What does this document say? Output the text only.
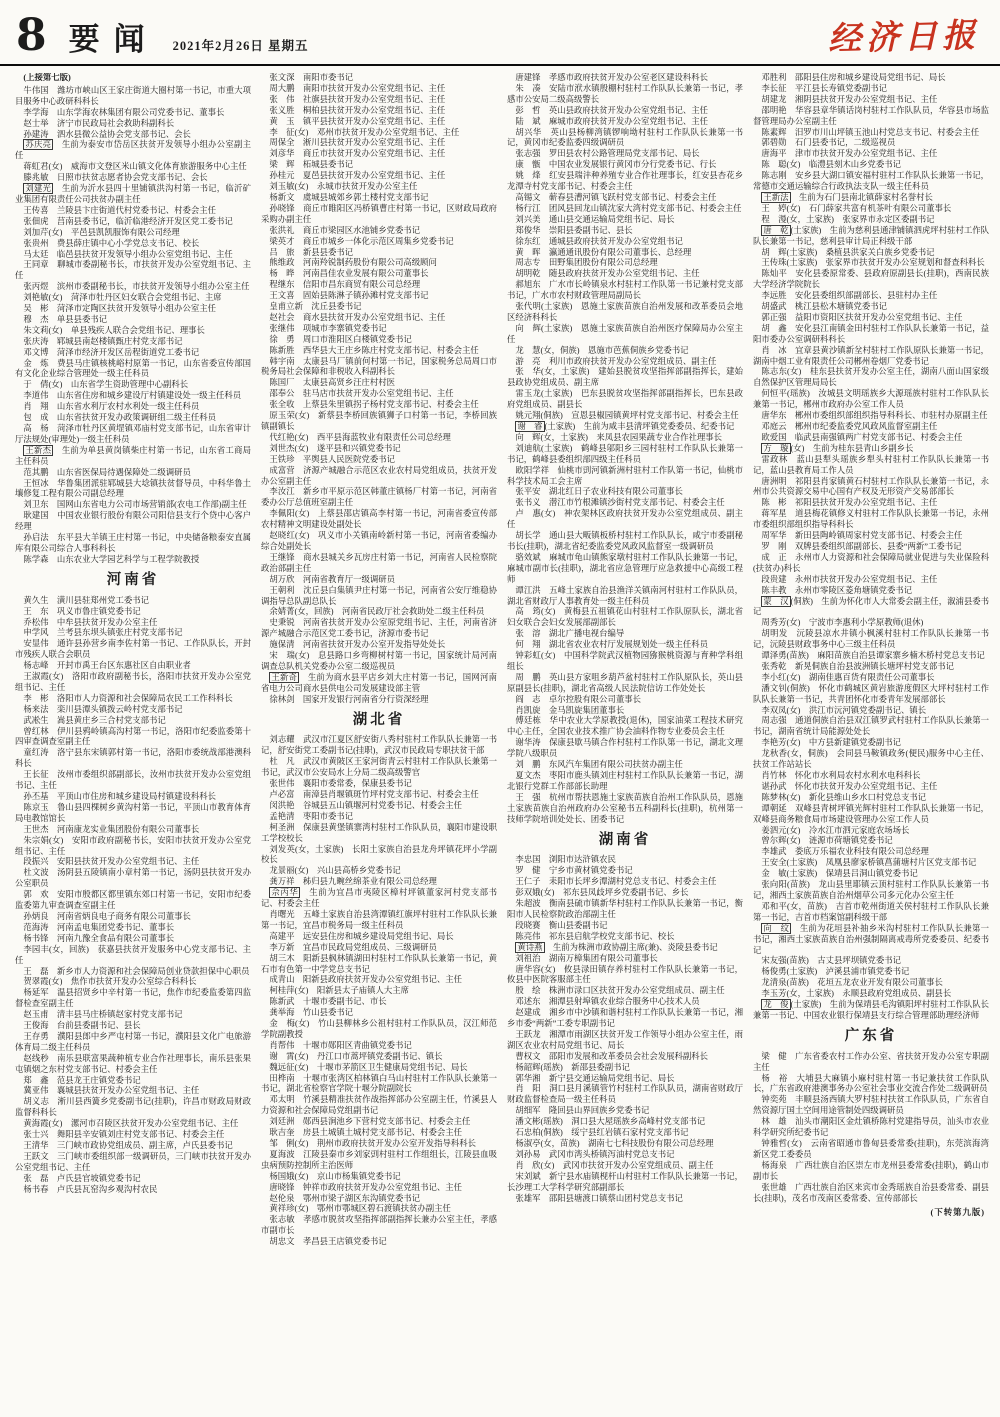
8 要闻 2021年2月26日 星期五	经济日报
(上接第七版)

牛伟国　潍坊市峡山区王家庄街道大圈村第一书记，市重大项目服务中心政研科科长

李学海　山东学海农林集团有限公司党委书记、董事长

赵士举　济宁市民政局社会救助科副科长

孙建涛　泗水县微公益协会党支部书记、会长

苏庆亮　生前为泰安市岱岳区扶贫开发领导小组办公室副主任

蒋虹君(女)　威海市文登区米山镇文化体育旅游服务中心主任

滕兆敏　日照市扶贫志愿者协会党支部书记、会长

刘建光　生前为沂水县四十里铺镇洪沟村第一书记，临沂矿业集团有限责任公司扶贫办副主任

王传喜　兰陵县卞庄街道代村党委书记、村委会主任

张佃虎　莒南县委书记，临沂临港经济开发区党工委书记

刘加芹(女)　平邑县凯凯服饰有限公司经理

张贵州　费县薛庄镇中心小学党总支书记、校长

马太廷　临邑县扶贫开发领导小组办公室党组书记、主任

王同章　聊城市委副秘书长，市扶贫开发办公室党组书记、主任

张丙煜　滨州市委副秘书长，市扶贫开发领导小组办公室主任

刘艳敏(女)　菏泽市牡丹区妇女联合会党组书记、主席

吴　彬　菏泽市定陶区扶贫开发领导小组办公室主任

穆　杰　单县县委书记

朱文莉(女)　单县残疾人联合会党组书记、理事长

张庆涛　郓城县南赵楼镇甄庄村党支部书记

邓文博　菏泽市经济开发区岳程街道党工委书记

金　炼　费县马庄镇核桃峪村原第一书记，山东省委宣传部国有文化企业综合管理处一级主任科员

于　倩(女)　山东省学生资助管理中心副科长

李道伟　山东省住房和城乡建设厅村镇建设处一级主任科员

肖　翔　山东省水利厅农村水利处一级主任科员

包　成　山东省扶贫开发办政策调研组二级主任科员

高　杨　菏泽市牡丹区黄堽镇邓庙村党支部书记，山东省审计厅法规处(审理处)一级主任科员

王新杰　生前为单县黄岗镇柴庄村第一书记，山东省工商局主任科员

范其鹏　山东省医保局待遇保障处二级调研员

王恒冰　华鲁集团派驻郓城县大埝镇扶贫督导员，中科华鲁土壤修复工程有限公司副总经理

刘卫东　国网山东省电力公司市场营销部(农电工作部)副主任

耿建国　中国农业银行股份有限公司阳信县支行个贷中心客户经理

孙启法　东平县大羊镇王庄村第一书记，中央储备粮泰安直属库有限公司综合人事科科长

陈学森　山东农业大学园艺科学与工程学院教授

河南省

黄久生　潢川县驻郑州党工委书记

王　东　巩义市鲁庄镇党委书记

乔松伟　中牟县扶贫开发办公室主任

申学风　兰考县东坝头镇张庄村党支部书记

安显伟　通许县孙营乡南李佐村第一书记、工作队队长，开封市残疾人联合会职员

杨志峰　开封市禹王台区东惠社区自由职业者

王淑霞(女)　洛阳市政府副秘书长，洛阳市扶贫开发办公室党组书记、主任

李　彬　洛阳市人力资源和社会保障局农民工工作科科长

杨来法　栾川县潭头镇拨云岭村党支部书记

武凇生　嵩县黄庄乡三合村党支部书记

曾红林　伊川县鸦岭镇高沟村第一书记，洛阳市纪委监委第十四审查调查室副主任

童红涛　洛宁县东宋镇郭村第一书记，洛阳市委统战部港澳科科长

王长征　汝州市委组织部副部长，汝州市扶贫开发办公室党组书记、主任

孙丕基　平顶山市住房和城乡建设局村镇建设科科长

陈京玉　鲁山县四棵树乡黄沟村第一书记，平顶山市教育体育局电教馆馆长

王世杰　河南康龙实业集团股份有限公司董事长

朱宗娟(女)　安阳市政府副秘书长，安阳市扶贫开发办公室党组书记、主任

段振兴　安阳县扶贫开发办公室党组书记、主任

杜文波　汤阴县五陵镇南小章村第一书记，汤阴县扶贫开发办公室职员

郭　欢　安阳市殷都区都里镇东郊口村第一书记，安阳市纪委监委第九审查调查室副主任

孙炳良　河南省炳良电子商务有限公司董事长

范海涛　河南孟电集团党委书记、董事长

杨书锋　河南九豫全食品有限公司董事长

李园丰(女，回族)　获嘉县扶贫开发服务中心党支部书记、主任

王　磊　新乡市人力资源和社会保障局创业贷款担保中心职员

贺翠霞(女)　焦作市扶贫开发办公室综合科科长

杨延军　温县招贤乡中辛村第一书记，焦作市纪委监委第四监督检查室副主任

赵玉甫　清丰县马庄桥镇赵家村党支部书记

王俊海　台前县委副书记、县长

王存勇　濮阳县郎中乡严屯村第一书记，濮阳县文化广电旅游体育局二级主任科员

赵线秒　南乐县联富果蔬种植专业合作社理事长，南乐县张果屯镇烟之东村党支部书记、村委会主任

郑　鑫　范县龙王庄镇党委书记

冀亚伟　襄城县扶贫开发办公室党组书记、主任

胡义志　淅川县西簧乡党委副书记(挂职)，许昌市财政局财政监督科科长

黄海霞(女)　漯河市召陵区扶贫开发办公室党组书记、主任

张士兴　舞阳县辛安镇刘庄村党支部书记、村委会主任

王清华　三门峡市政协党组成员、副主席，卢氏县委书记

王跃文　三门峡市委组织部一级调研员，三门峡市扶贫开发办公室党组书记、主任

张　磊　卢氏县官坡镇党委书记

杨书春　卢氏县瓦窑沟乡观沟村农民

张文深　南阳市委书记

周大鹏　南阳市扶贫开发办公室党组书记、主任

张　伟　社旗县扶贫开发办公室党组书记、主任

张义胜　桐柏县扶贫开发办公室党组书记、主任

黄　玉　镇平县扶贫开发办公室党组书记、主任

李　征(女)　邓州市扶贫开发办公室党组书记、主任

周保全　淅川县扶贫开发办公室党组书记、主任

刘彦华　商丘市扶贫开发办公室党组书记、主任

梁　辉　柘城县委书记

孙桂元　夏邑县扶贫开发办公室党组书记、主任

刘玉敏(女)　永城市扶贫开发办公室主任

杨新文　虞城县城郊乡郭土楼村党支部书记

孙晓锋　商丘市睢阳区冯桥镇曹庄村第一书记，区财政局政府采购办副主任

张洪礼　商丘市梁园区水池铺乡党委书记

梁英才　商丘市城乡一体化示范区周集乡党委书记

吕　旅　新县县委书记

熊维政　河南羚锐制药股份有限公司高级顾问

杨　晔　河南昌佳农业发展有限公司董事长

程继东　信阳市昌东商贸有限公司总经理

王文喜　固始县陈淋子镇孙滩村党支部书记

皇甫立新　沈丘县委书记

赵社会　商水县扶贫开发办公室党组书记、主任

张继伟　项城市李寨镇党委书记

徐　勇　周口市淮阳区白楼镇党委书记

陈新胜　西华县大王庄乡陈庄村党支部书记、村委会主任

韩宇南　太康县马厂镇前何村第一书记，国家税务总局周口市税务局社会保障和非税收入科副科长

陈国厂　太康县高贤乡汪庄村村医

邵奉公　驻马店市扶贫开发办公室党组书记、主任

张全收　上蔡县朱里镇拐子杨村党支部书记、村委会主任

原玉荣(女)　新蔡县李桥回族镇狮子口村第一书记，李桥回族镇副镇长

代红艳(女)　西平县海蓝牧业有限责任公司总经理

刘世杰(女)　遂平县和兴镇党委书记

王铁珍　平舆县人民医院党委书记

成富营　济源产城融合示范区农业农村局党组成员，扶贫开发办公室副主任

李汝江　新乡市平原示范区韩董庄镇杨厂村第一书记，河南省委办公厅总值班室副主任

李佩阳(女)　上蔡县邵店镇高李村第一书记，河南省委宣传部农村精神文明建设处副处长

赵晓红(女)　巩义市小关镇南岭新村第一书记，河南省委编办综合处副处长

王继锋　商水县城关乡瓦房庄村第一书记，河南省人民检察院政治部副主任

胡万欣　河南省教育厅一级调研员

王朝利　沈丘县白集镇尹庄村第一书记，河南省公安厅维稳协调指导总队副总队长

余婧菁(女，回族)　河南省民政厅社会救助处二级主任科员

史秉锐　河南省扶贫开发办公室原党组书记、主任，河南省济源产城融合示范区党工委书记，济源市委书记

施保清　河南省扶贫开发办公室开发指导处处长

宋　瑞(女)　息县路口乡弯柳树村第一书记，国家统计局河南调查总队机关党委办公室二级巡视员

王新奇　生前为商水县平店乡刘大庄村第一书记，国网河南省电力公司商水县供电公司发展建设部主管

徐林剑　国家开发银行河南省分行资深经理

湖北省

刘志耀　武汉市江夏区舒安街八秀村驻村工作队队长兼第一书记，舒安街党工委副书记(挂职)，武汉市民政局专职扶贫干部

杜　凡　武汉市黄陂区王家河街青云村驻村工作队队长兼第一书记，武汉市公安局水上分局二级高级警官

张世伟　襄阳市委常委，保康县委书记

卢必富　南漳县肖堰镇斑竹坪村党支部书记、村委会主任

闵洪艳　谷城县五山镇堰河村党委书记、村委会主任

孟艳清　枣阳市委书记

柯圣洲　保康县黄堡镇寨湾村驻村工作队队员，襄阳市建设职工学校校长

刘发英(女，土家族)　长阳土家族自治县龙舟坪镇花坪小学副校长

龙景丽(女)　兴山县高桥乡党委书记

龚万祥　秭归县九畹丝绵茶业有限公司总经理

佘丙华　生前为宜昌市夷陵区樟村坪镇董家河村党支部书记、村委会主任

肖曙光　五峰土家族自治县湾潭镇红旗坪村驻村工作队队长兼第一书记，宜昌市税务局一级主任科员

高建平　远安县住房和城乡建设局党组书记、局长

李万新　宜昌市民政局党组成员、三级调研员

胡三木　阳新县枫林镇湖田村驻村工作队队长兼第一书记，黄石市有色第一中学党总支书记

成青山　阳新县政府扶贫开发办公室党组书记、主任

柯桂萍(女)　阳新县太子庙镇人大主席

陈新武　十堰市委副书记、市长

龚举海　竹山县委书记

金　梅(女)　竹山县柳林乡公祖村驻村工作队队员，汉江师范学院副教授

肖帮伟　十堰市郧阳区青曲镇党委书记

谢　霄(女)　丹江口市蒿坪镇党委副书记、镇长

魏远征(女)　十堰市茅箭区卫生健康局党组书记、局长

田桦南　十堰市张湾区柏林镇白马山村驻村工作队队长兼第一书记，湖北省检察官学院十堰分院副院长

邓太明　竹溪县精准扶贫作战指挥部办公室副主任，竹溪县人力资源和社会保障局党组副书记

刘廷洲　郧西县涧池乡下营村党支部书记、村委会主任

耿吉奎　房县土城镇土城村党支部书记、村委会主任

邹　俐(女)　荆州市政府扶贫开发办公室开发指导科科长

夏海波　江陵县秦市乡刘家剅村驻村工作组组长，江陵县血吸虫病预防控制所主治医师

杨国娥(女)　京山市杨集镇党委书记

唐晓锋　钟祥市政府扶贫开发办公室党组书记、主任

赵伦泉　鄂州市梁子湖区东沟镇党委书记

黄祥珍(女)　鄂州市鄂城区碧石渡镇扶贫办副主任

张志敏　孝感市脱贫攻坚指挥部副指挥长兼办公室主任，孝感市副市长

胡忠文　孝昌县王店镇党委书记

唐建锋　孝感市政府扶贫开发办公室老区建设科科长

朱　凑　安陆市洑水镇殷棚村驻村工作队队长兼第一书记，孝感市公安局二级高级警长

彭　哲　英山县政府扶贫开发办公室党组书记、主任

陆　斌　麻城市政府扶贫开发办公室党组书记、主任

胡兴华　英山县杨柳湾镇锣响坳村驻村工作队队长兼第一书记，黄冈市纪委监委四级调研员

张志强　罗田县农村公路管理局党支部书记、局长

康　甑　中国农业发展银行黄冈市分行党委书记、行长

姚　烽　红安县瑞沣种养殖专业合作社理事长，红安县杏花乡龙潭寺村党支部书记、村委会主任

高锡文　蕲春县漕河镇飞跃村党支部书记、村委会主任

杨行江　团风县回龙山镇沈家大湾村党支部书记、村委会主任

刘兴美　通山县交通运输局党组书记、局长

郑俊华　崇阳县委副书记、县长

徐东红　通城县政府扶贫开发办公室党组书记

黄　晖　瀛通通讯股份有限公司董事长、总经理

周志专　田野集团股份有限公司总经理

胡明乾　随县政府扶贫开发办公室党组书记、主任

郝旭东　广水市长岭镇泉水村驻村工作队第一书记兼村党支部书记，广水市农村财政管理局副局长

张代明(土家族)　恩施土家族苗族自治州发展和改革委员会地区经济科科长

向　辉(土家族)　恩施土家族苗族自治州医疗保障局办公室主任

龙　慧(女，侗族)　恩施市芭蕉侗族乡党委书记

游　亮　利川市政府扶贫开发办公室党组成员、副主任

张　华(女，土家族)　建始县脱贫攻坚指挥部副指挥长，建始县政协党组成员、副主席

雷玉龙(土家族)　巴东县脱贫攻坚指挥部副指挥长，巴东县政府党组成员、副县长

姚元翔(侗族)　宣恩县椒园镇黄坪村党支部书记、村委会主任

谢　睿 (土家族)　生前为咸丰县清坪镇党委委员、纪委书记

向　辉(女，土家族)　来凤县农园果蔬专业合作社理事长

刘迪航(土家族)　鹤峰县邬阳乡三园村驻村工作队队长兼第一书记，鹤峰县委组织部四级主任科员

欧阳学祥　仙桃市剅河镇新洲村驻村工作队第一书记，仙桃市科学技术局工会主席

张平安　湖北红日子农业科技有限公司董事长

张书义　潜江市竹根滩镇沙街村党支部书记、村委会主任

卢　惠(女)　神农架林区政府扶贫开发办公室党组成员、副主任

胡长学　通山县大畈镇板桥村驻村工作队队长，咸宁市委副秘书长(挂职)，湖北省纪委监委党风政风监督室一级调研员

骆效斌　麻城市龟山镇熊家墩村驻村工作队队长兼第一书记，麻城市副市长(挂职)，湖北省应急管理厅应急救援中心高级工程师

谭江洪　五峰土家族自治县渔洋关镇南河村驻村工作队队员，湖北省财政厅人事教育处一级主任科员

高　筠(女)　黄梅县五祖镇花山村驻村工作队原队长，湖北省妇女联合会妇女发展部副部长

张　溶　湖北广播电视台编导

何　翔　湖北省农业农村厅发展规划处一级主任科员

钟彩虹(女)　中国科学院武汉植物园猕猴桃资源与育种学科组组长

周　鹏　英山县方家咀乡葫芦盆村驻村工作队原队长，英山县原副县长(挂职)，湖北省高级人民法院信访工作处处长

阎　志　卓尔控股有限公司董事长

肖凯旋　金马凯旋集团董事长

傅廷栋　华中农业大学原教授(退休)，国家油菜工程技术研究中心主任，全国农业技术推广协会油料作物专业委员会主任

谢华涛　保康县歇马镇合作村驻村工作队第一书记，湖北文理学院八级职员

刘　鹏　东风汽车集团有限公司扶贫办副主任

夏文杰　枣阳市鹿头镇刘庄村驻村工作队队长兼第一书记，湖北银行党群工作部部长助理

王　强　杭州市帮扶恩施土家族苗族自治州工作队队员，恩施土家族苗族自治州政府办公室秘书五科副科长(挂职)，杭州第一技师学院培训处处长、团委书记

湖南省

李忠国　浏阳市达浒镇农民

罗　健　宁乡市黄材镇党委书记

王仁子　耒阳市长坪乡潭湖村党总支书记、村委会主任

彭双娥(女)　祁东县凤歧坪乡党委副书记、乡长

朱超波　衡南县硫市镇新华村驻村工作队队长兼第一书记，衡阳市人民检察院政治部副主任

段晓赛　衡山县委副书记

陈亮伟　祁东县启航学校党支部书记、校长

黄诗燕　生前为株洲市政协副主席(兼)、炎陵县委书记

刘祖治　湖南万樟集团有限公司董事长

唐华容(女)　攸县渌田镇存养村驻村工作队队长兼第一书记，攸县中医院客服部主任

殷　绘　株洲市渌口区扶贫开发办公室党组成员、副主任

邓述东　湘潭县射埠镇农业综合服务中心技术人员

赵建成　湘乡市中沙镇和谐村驻村工作队队长兼第一书记，湘乡市委“两新”工委专职副书记

王跃龙　湘潭市雨湖区扶贫开发工作领导小组办公室主任，雨湖区农业农村局党组书记、局长

曹权文　邵阳市发展和改革委员会社会发展科副科长

杨韶辉(瑶族)　新邵县委副书记

郭华湘　新宁县交通运输局党组书记、局长

肖　阳　洞口县月溪镇管竹村驻村工作队队员，湖南省财政厅财政监督检查局一级主任科员

胡细军　隆回县山界回族乡党委书记

潘文彬(瑶族)　洞口县大屋瑶族乡高峰村党支部书记

石忠柏(侗族)　绥宁县红岩镇石家村党支部书记

杨淑亭(女，苗族)　湖南七七科技股份有限公司总经理

刘孙易　武冈市湾头桥镇泻油村党总支书记

肖　欣(女)　武冈市扶贫开发办公室党组成员、副主任

宋刘斌　新宁县水庙镇枧杆山村驻村工作队队长兼第一书记，长沙理工大学科学研究部副部长

张雄军　邵阳县塘渡口镇蔡山团村党总支书记

邓胜利　邵阳县住房和城乡建设局党组书记、局长

李长征　平江县长寿镇党委副书记

胡建龙　湘阴县扶贫开发办公室党组书记、主任

邵明艳　华容县章华镇话岗村驻村工作队队员，华容县市场监督管理局办公室副主任

陈素辉　汨罗市川山坪镇玉池山村党总支书记、村委会主任

郭碧勋　石门县委书记，二级巡视员

唐海平　津市市扶贫开发办公室党组书记、主任

陈　聪(女)　临澧县刻木山乡党委书记

陈志刚　安乡县大湖口镇安福村驻村工作队队长兼第一书记，常德市交通运输综合行政执法支队一级主任科员

王新法　生前为石门县南北镇薛家村名誉村长

王　婷(女)　石门薛家共富有机茶叶有限公司董事长

程　漫(女，土家族)　张家界市永定区委副书记

唐　乾 (土家族)　生前为慈利县通津铺镇泗虎坪村驻村工作队队长兼第一书记，慈利县审计局正科级干部

胡　辉(土家族)　桑植县洪家关白族乡党委书记

王传珠(土家族)　张家界市扶贫开发办公室规划和督查科科长

陈灿平　安化县委原常委、县政府原副县长(挂职)，西南民族大学经济学院院长

李远胜　安化县委组织部副部长、县驻村办主任

胡盛武　桃江县松木塘镇党委书记

郭正强　益阳市资阳区扶贫开发办公室党组书记、主任

胡　鑫　安化县江南镇金田村驻村工作队队长兼第一书记，益阳市委办公室调研科科长

肖　冰　宜章县黄沙镇新坌村驻村工作队原队长兼第一书记，湖南中烟工业有限责任公司郴州卷烟厂党委书记

陈志东(女)　桂东县扶贫开发办公室主任，湖南八面山国家级自然保护区管理局局长

何恒平(瑶族)　汝城县文明瑶族乡大源瑶族村驻村工作队队长兼第一书记，郴州市政府办公室工作人员

唐华东　郴州市委组织部组织指导科科长、市驻村办原副主任

邓庭云　郴州市纪委监委党风政风监督室副主任

欧爱国　临武县南强镇两广村党支部书记、村委会主任

方　璇 (女)　生前为桂东县青山乡副乡长

雷政林　蓝山县犁头瑶族乡犁头村驻村工作队队长兼第一书记，蓝山县教育局工作人员

唐洲明　祁阳县肖家镇黄石村驻村工作队队长兼第一书记，永州市公共资源交易中心国有产权及无形资产交易部部长

陈　彬　祁阳县扶贫开发办公室党组书记、主任

蒋军星　道县梅花镇修义村驻村工作队队长兼第一书记，永州市委组织部组织指导科科长

周军华　新田县陶岭镇周家村党支部书记、村委会主任

罗　刚　双牌县委组织部副部长、县委“两新”工委书记

成　正　永州市人力资源和社会保障局就业促进与失业保险科(扶贫办)科长

段贵建　永州市扶贫开发办公室党组书记、主任

陈丰教　永州市零陵区菱角塘镇党委书记

蒙　汉 (侗族)　生前为怀化市人大常委会副主任，溆浦县委书记

周秀芳(女)　宁波市李惠利小学原教师(退休)

胡明发　沅陵县凉水井镇小枫溪村驻村工作队队长兼第一书记，沅陵县财政事务中心三级主任科员

谭泽勇(苗族)　麻阳苗族自治县谭家寨乡楠木桥村党总支书记

张秀乾　新晃侗族自治县波洲镇长塘坪村党支部书记

李小红(女)　湖南佳惠百货有限责任公司董事长

潘文钊(侗族)　怀化市鹤城区黄岩旅游度假区大坪村驻村工作队队长兼第一书记，共青团怀化市委青年发展部部长

李双凤(女)　洪江市沅河镇党委副书记、镇长

周志强　通道侗族自治县双江镇罗武村驻村工作队队长兼第一书记，湖南省统计局能源处处长

李艳芳(女)　中方县新建镇党委副书记

龙秋香(女，侗族)　会同县马鞍镇政务(便民)服务中心主任、扶贫工作站站长

肖竹林　怀化市水利局农村水利水电科科长

谌孙武　怀化市扶贫开发办公室党组书记、主任

陈梦林(女)　新化县维山乡水口村党总支书记

谭朝延　双峰县青树坪镇光辉村驻村工作队队长兼第一书记，双峰县商务粮食局市场建设管理办公室工作人员

姜泗元(女)　冷水江市泗元家庭农场场长

曾尔辉(女)　涟源市荷塘镇党委书记

李雄武　娄底万乐福农业科技有限公司总经理

王安全(土家族)　凤凰县廖家桥镇菖蒲塘村片区党支部书记

金　敏(土家族)　保靖县吕洞山镇党委书记

张向阳(苗族)　龙山县里耶镇云顶村驻村工作队队长兼第一书记，湘西土家族苗族自治州烟草公司多元化办公室主任

邓和平(女，苗族)　吉首市乾州街道关侯村驻村工作队队长兼第一书记，吉首市档案馆副科级干部

向　纹　生前为花垣县补抽乡米沟村驻村工作队队长兼第一书记，湘西土家族苗族自治州强制隔离戒毒所党委委员、纪委书记

宋友强(苗族)　古丈县坪坝镇党委书记

杨俊勇(土家族)　泸溪县浦市镇党委书记

龙清泉(苗族)　花垣五龙农业开发有限公司董事长

李玉芳(女，土家族)　永顺县政府党组成员、副县长

龙　俊 (土家族)　生前为保靖县毛沟镇阳坪村驻村工作队队长兼第一书记、中国农业银行保靖县支行综合管理部助理经济师

广东省

梁　健　广东省委农村工作办公室、省扶贫开发办公室专职副主任

杨　裕　大埔县大麻镇小麻村驻村第一书记兼扶贫工作队队长，广东省政府港澳事务办公室社会事业交流合作处二级调研员

钟奕苑　丰顺县汤西镇大罗村驻村扶贫工作队队员，广东省自然资源厅国土空间用途管制处四级调研员

林　雄　汕头市潮阳区金灶镇桥陈村党建指导员，汕头市农业科学研究所纪委书记

钟雅哲(女)　云南省昭通市鲁甸县委常委(挂职)，东莞滨海湾新区党工委委员

杨海泉　广西壮族自治区崇左市龙州县委常委(挂职)，鹤山市副市长

张世雄　广西壮族自治区来宾市金秀瑶族自治县委常委、副县长(挂职)，茂名市茂南区委常委、宣传部部长

(下转第九版)
